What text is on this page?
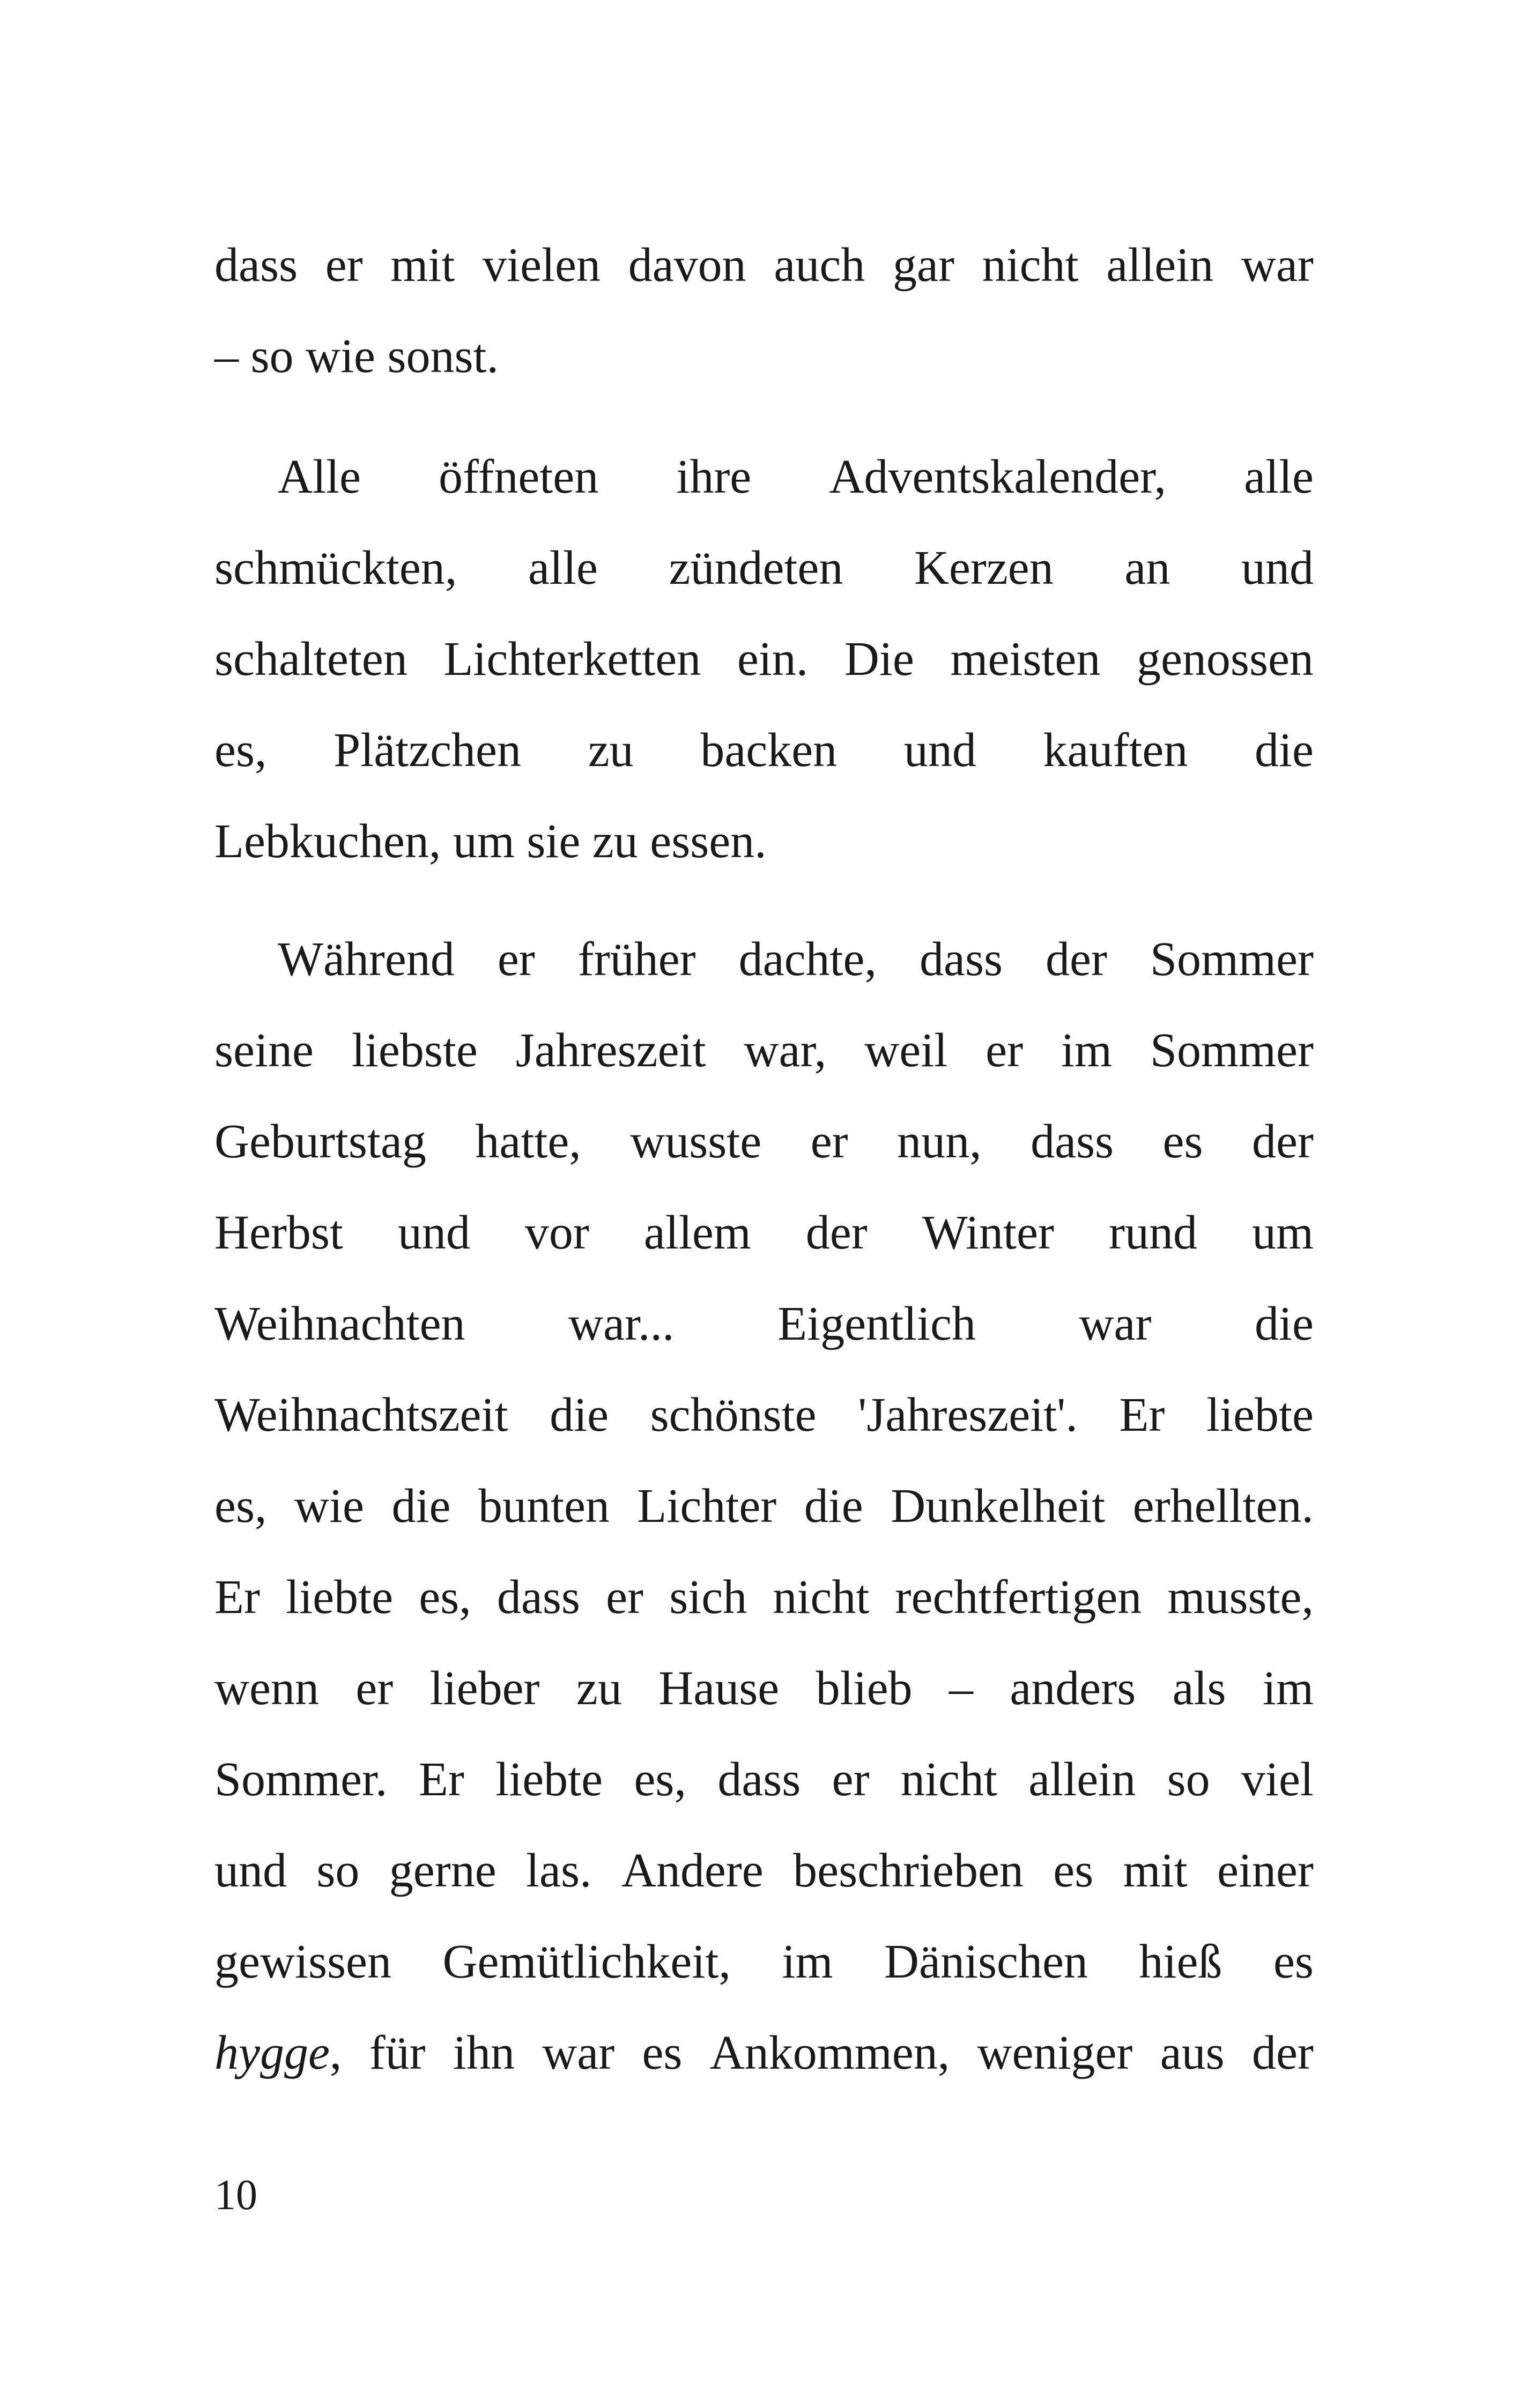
dass er mit vielen davon auch gar nicht allein war
– so wie sonst.
Alle öffneten ihre Adventskalender, alle
schmückten, alle zündeten Kerzen an und
schalteten Lichterketten ein. Die meisten genossen
es, Plätzchen zu backen und kauften die
Lebkuchen, um sie zu essen.
Während er früher dachte, dass der Sommer
seine liebste Jahreszeit war, weil er im Sommer
Geburtstag hatte, wusste er nun, dass es der
Herbst und vor allem der Winter rund um
Weihnachten war... Eigentlich war die
Weihnachtszeit die schönste 'Jahreszeit'. Er liebte
es, wie die bunten Lichter die Dunkelheit erhellten.
Er liebte es, dass er sich nicht rechtfertigen musste,
wenn er lieber zu Hause blieb – anders als im
Sommer. Er liebte es, dass er nicht allein so viel
und so gerne las. Andere beschrieben es mit einer
gewissen Gemütlichkeit, im Dänischen hieß es
hygge, für ihn war es Ankommen, weniger aus der
10
